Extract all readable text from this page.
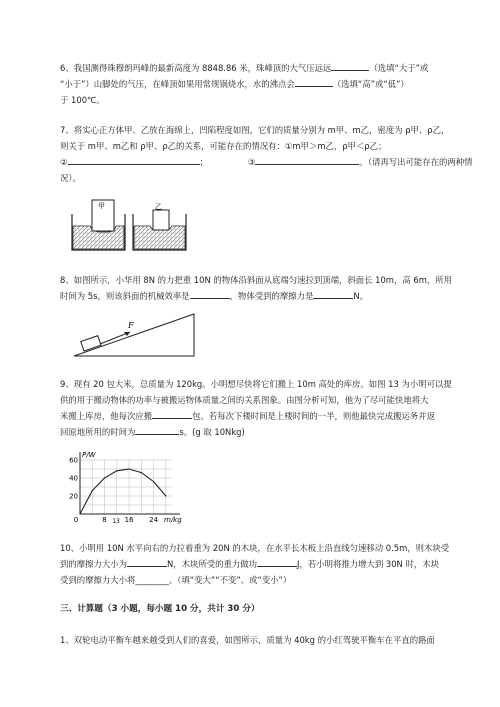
6、我国测得珠穆朗玛峰的最新高度为 8848.86 米，珠峰顶的大气压远远	（选填“大于”或
“小于”）山脚处的气压，在峰顶如果用常规锅烧水，水的沸点会	（选填“高”或“低”）
于 100℃。
7、将实心正方体甲、乙放在海绵上，凹陷程度如图，它们的质量分别为 m甲、m乙，密度为 ρ甲、ρ乙，
则关于 m甲、m乙和 ρ甲、ρ乙的关系，可能存在的情况有：①m甲＞m乙，ρ甲＜ρ乙；
②	；	③	。（请再写出可能存在的两种情
况）。
甲	乙
8、如图所示，小华用 8N 的力把重 10N 的物体沿斜面从底端匀速拉到顶端，斜面长 10m，高 6m，所用
时间为 5s，则该斜面的机械效率是	，物体受到的摩擦力是	N。
F
9、现有 20 包大米，总质量为 120kg。小明想尽快将它们搬上 10m 高处的库房。如图 13 为小明可以提
供的用于搬动物体的功率与被搬运物体质量之间的关系图象。由图分析可知，他为了尽可能快地将大
米搬上库房，他每次应搬	包。若每次下楼时间是上楼时间的一半，则他最快完成搬运务并返
回原地所用的时间为	s。(g 取 10Nkg)
20
40
60
0	8	16 24
P/W
m/kg
13
10、小明用 10N 水平向右的力拉着重为 20N 的木块，在水平长木板上沿直线匀速移动 0.5m，则木块受
到的摩擦力大小为	N，木块所受的重力做功	J，若小明将推力增大到 30N 时，木块
受到的摩擦力大小将________。（填“变大”“不变”、或“变小”）
三、计算题（3 小题，每小题 10 分，共计 30 分）
1、双轮电动平衡车越来越受到人们的喜爱，如图所示，质量为 40kg 的小红驾驶平衡车在平直的路面
